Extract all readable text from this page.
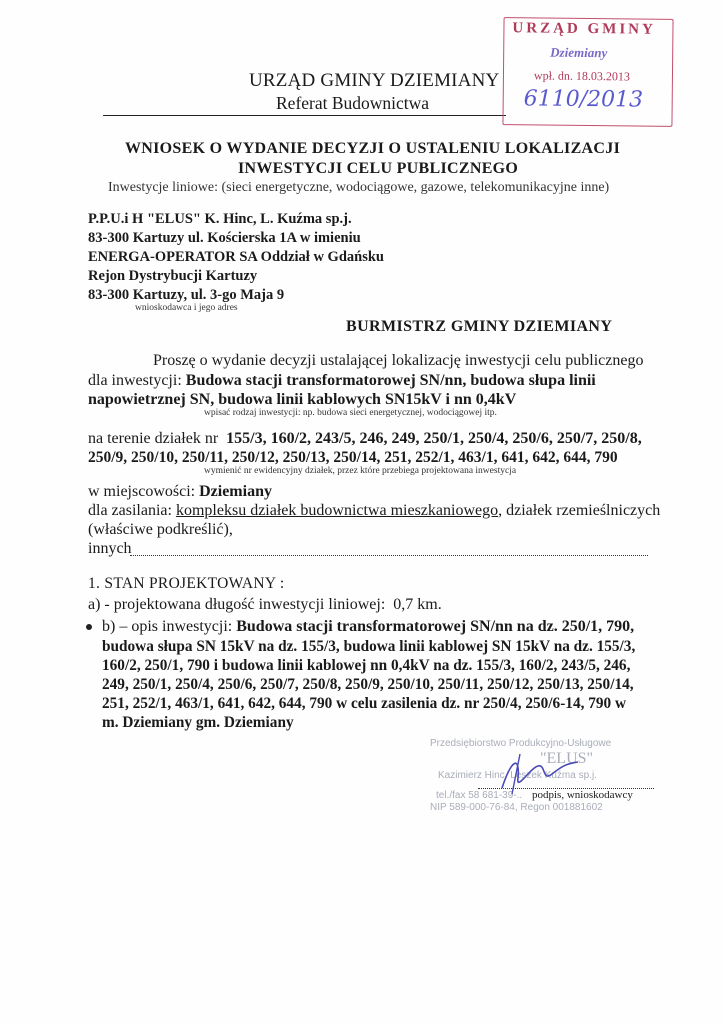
URZĄD GMINY DZIEMIANY
Referat Budownictwa
URZĄD GMINY
Dziemiany
wpł. dn. 18.03.2013
6110/2013
WNIOSEK O WYDANIE DECYZJI O USTALENIU LOKALIZACJI
INWESTYCJI CELU PUBLICZNEGO
Inwestycje liniowe: (sieci energetyczne, wodociągowe, gazowe, telekomunikacyjne inne)
P.P.U.i H "ELUS" K. Hinc, L. Kuźma sp.j.
83-300 Kartuzy ul. Kościerska 1A w imieniu
ENERGA-OPERATOR SA Oddział w Gdańsku
Rejon Dystrybucji Kartuzy
83-300 Kartuzy, ul. 3-go Maja 9
wnioskodawca i jego adres
BURMISTRZ GMINY DZIEMIANY
Proszę o wydanie decyzji ustalającej lokalizację inwestycji celu publicznego
dla inwestycji: Budowa stacji transformatorowej SN/nn, budowa słupa linii
napowietrznej SN, budowa linii kablowych SN15kV i nn 0,4kV
wpisać rodzaj inwestycji: np. budowa sieci energetycznej, wodociągowej itp.
na terenie działek nr 155/3, 160/2, 243/5, 246, 249, 250/1, 250/4, 250/6, 250/7, 250/8,
250/9, 250/10, 250/11, 250/12, 250/13, 250/14, 251, 252/1, 463/1, 641, 642, 644, 790
wymienić nr ewidencyjny działek, przez które przebiega projektowana inwestycja
w miejscowości: Dziemiany
dla zasilania: kompleksu działek budownictwa mieszkaniowego, działek rzemieślniczych
(właściwe podkreślić),
innych
1. STAN PROJEKTOWANY :
a) - projektowana długość inwestycji liniowej: 0,7 km.
b) – opis inwestycji: Budowa stacji transformatorowej SN/nn na dz. 250/1, 790,
budowa słupa SN 15kV na dz. 155/3, budowa linii kablowej SN 15kV na dz. 155/3,
160/2, 250/1, 790 i budowa linii kablowej nn 0,4kV na dz. 155/3, 160/2, 243/5, 246,
249, 250/1, 250/4, 250/6, 250/7, 250/8, 250/9, 250/10, 250/11, 250/12, 250/13, 250/14,
251, 252/1, 463/1, 641, 642, 644, 790 w celu zasilenia dz. nr 250/4, 250/6-14, 790 w
m. Dziemiany gm. Dziemiany
Przedsiębiorstwo Produkcyjno-Usługowe
"ELUS"
Kazimierz Hinc, Leszek Kuźma sp.j.
tel./fax 58 681-39-..
NIP 589-000-76-84, Regon 001881602
podpis, wnioskodawcy
